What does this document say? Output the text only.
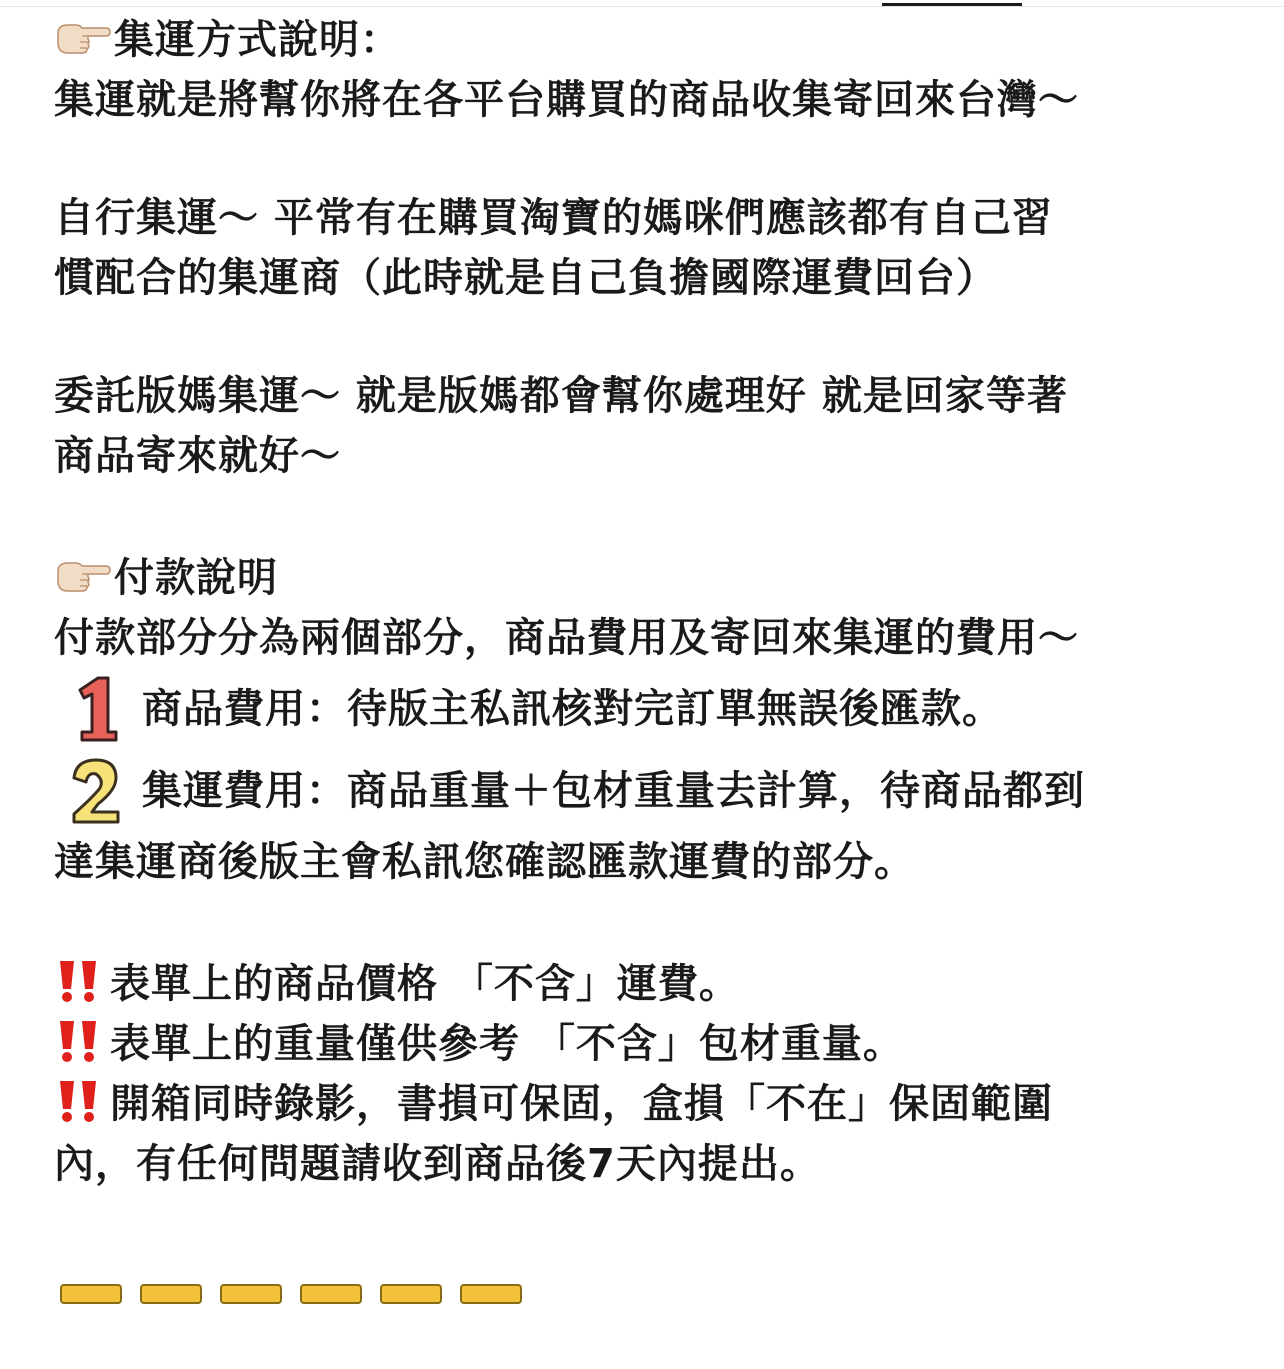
集運方式說明：
集運就是將幫你將在各平台購買的商品收集寄回來台灣～
自行集運～ 平常有在購買淘寶的媽咪們應該都有自己習
慣配合的集運商（此時就是自己負擔國際運費回台）
委託版媽集運～ 就是版媽都會幫你處理好 就是回家等著
商品寄來就好～
付款說明
付款部分分為兩個部分，商品費用及寄回來集運的費用～
商品費用：待版主私訊核對完訂單無誤後匯款。
集運費用：商品重量＋包材重量去計算，待商品都到
達集運商後版主會私訊您確認匯款運費的部分。
表單上的商品價格 「不含」運費。
表單上的重量僅供參考 「不含」包材重量。
開箱同時錄影，書損可保固，盒損「不在」保固範圍
內，有任何問題請收到商品後7天內提出。
